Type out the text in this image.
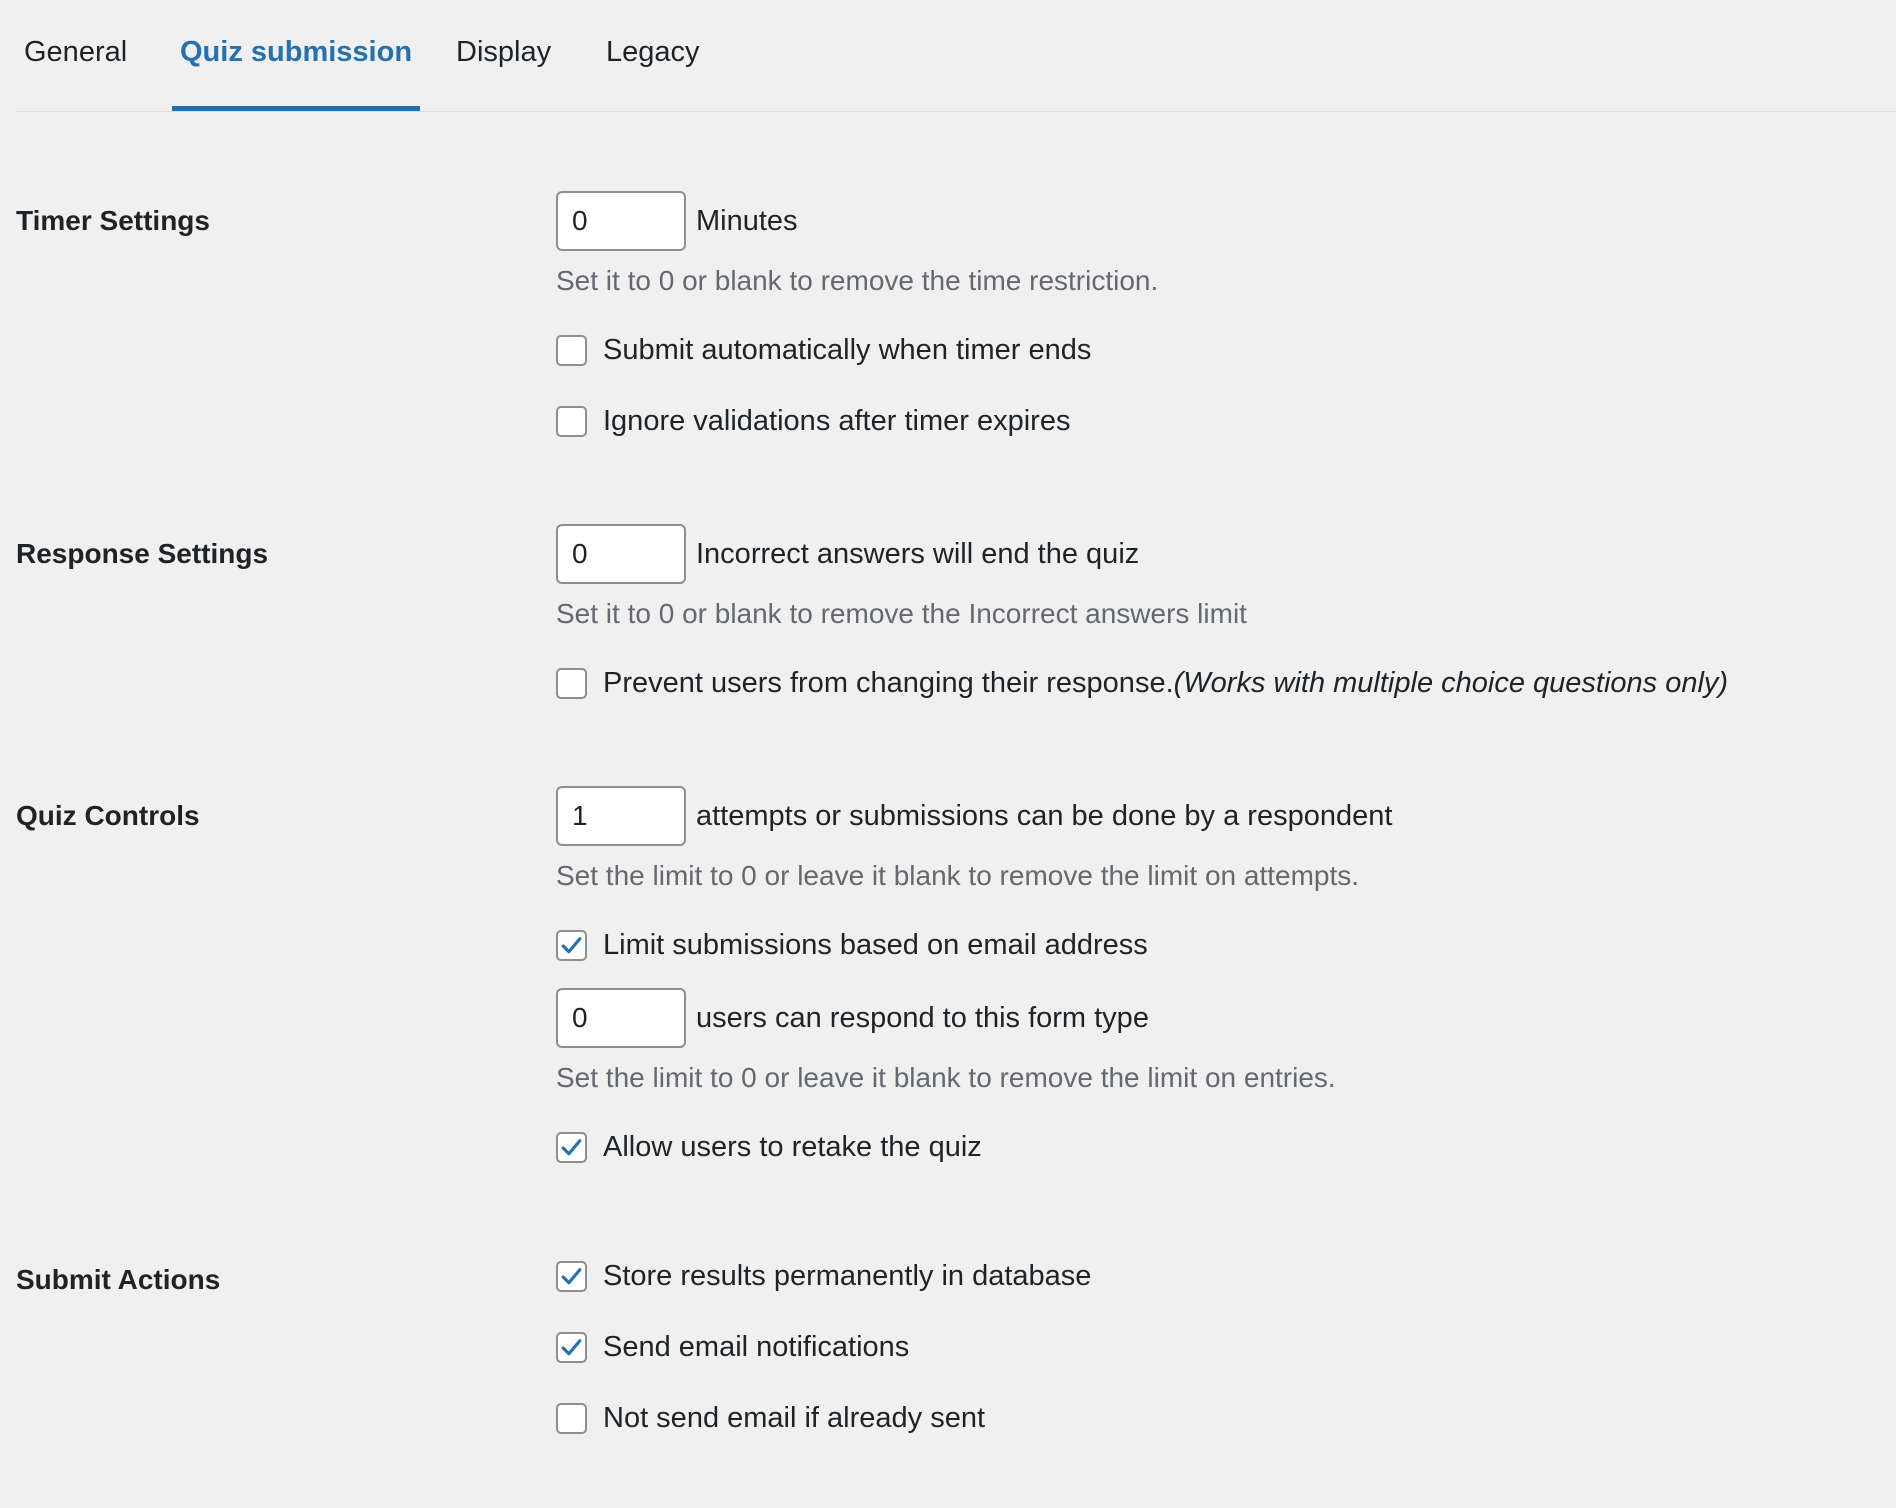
General Quiz submission Display Legacy
Timer Settings
0	Minutes
Set it to 0 or blank to remove the time restriction.
Submit automatically when timer ends
Ignore validations after timer expires
Response Settings
0	Incorrect answers will end the quiz
Set it to 0 or blank to remove the Incorrect answers limit
Prevent users from changing their response.(Works with multiple choice questions only)
Quiz Controls
1	attempts or submissions can be done by a respondent
Set the limit to 0 or leave it blank to remove the limit on attempts.
Limit submissions based on email address
0
users can respond to this form type
Set the limit to 0 or leave it blank to remove the limit on entries.
Allow users to retake the quiz
Submit Actions	Store results permanently in database
Send email notifications
Not send email if already sent
